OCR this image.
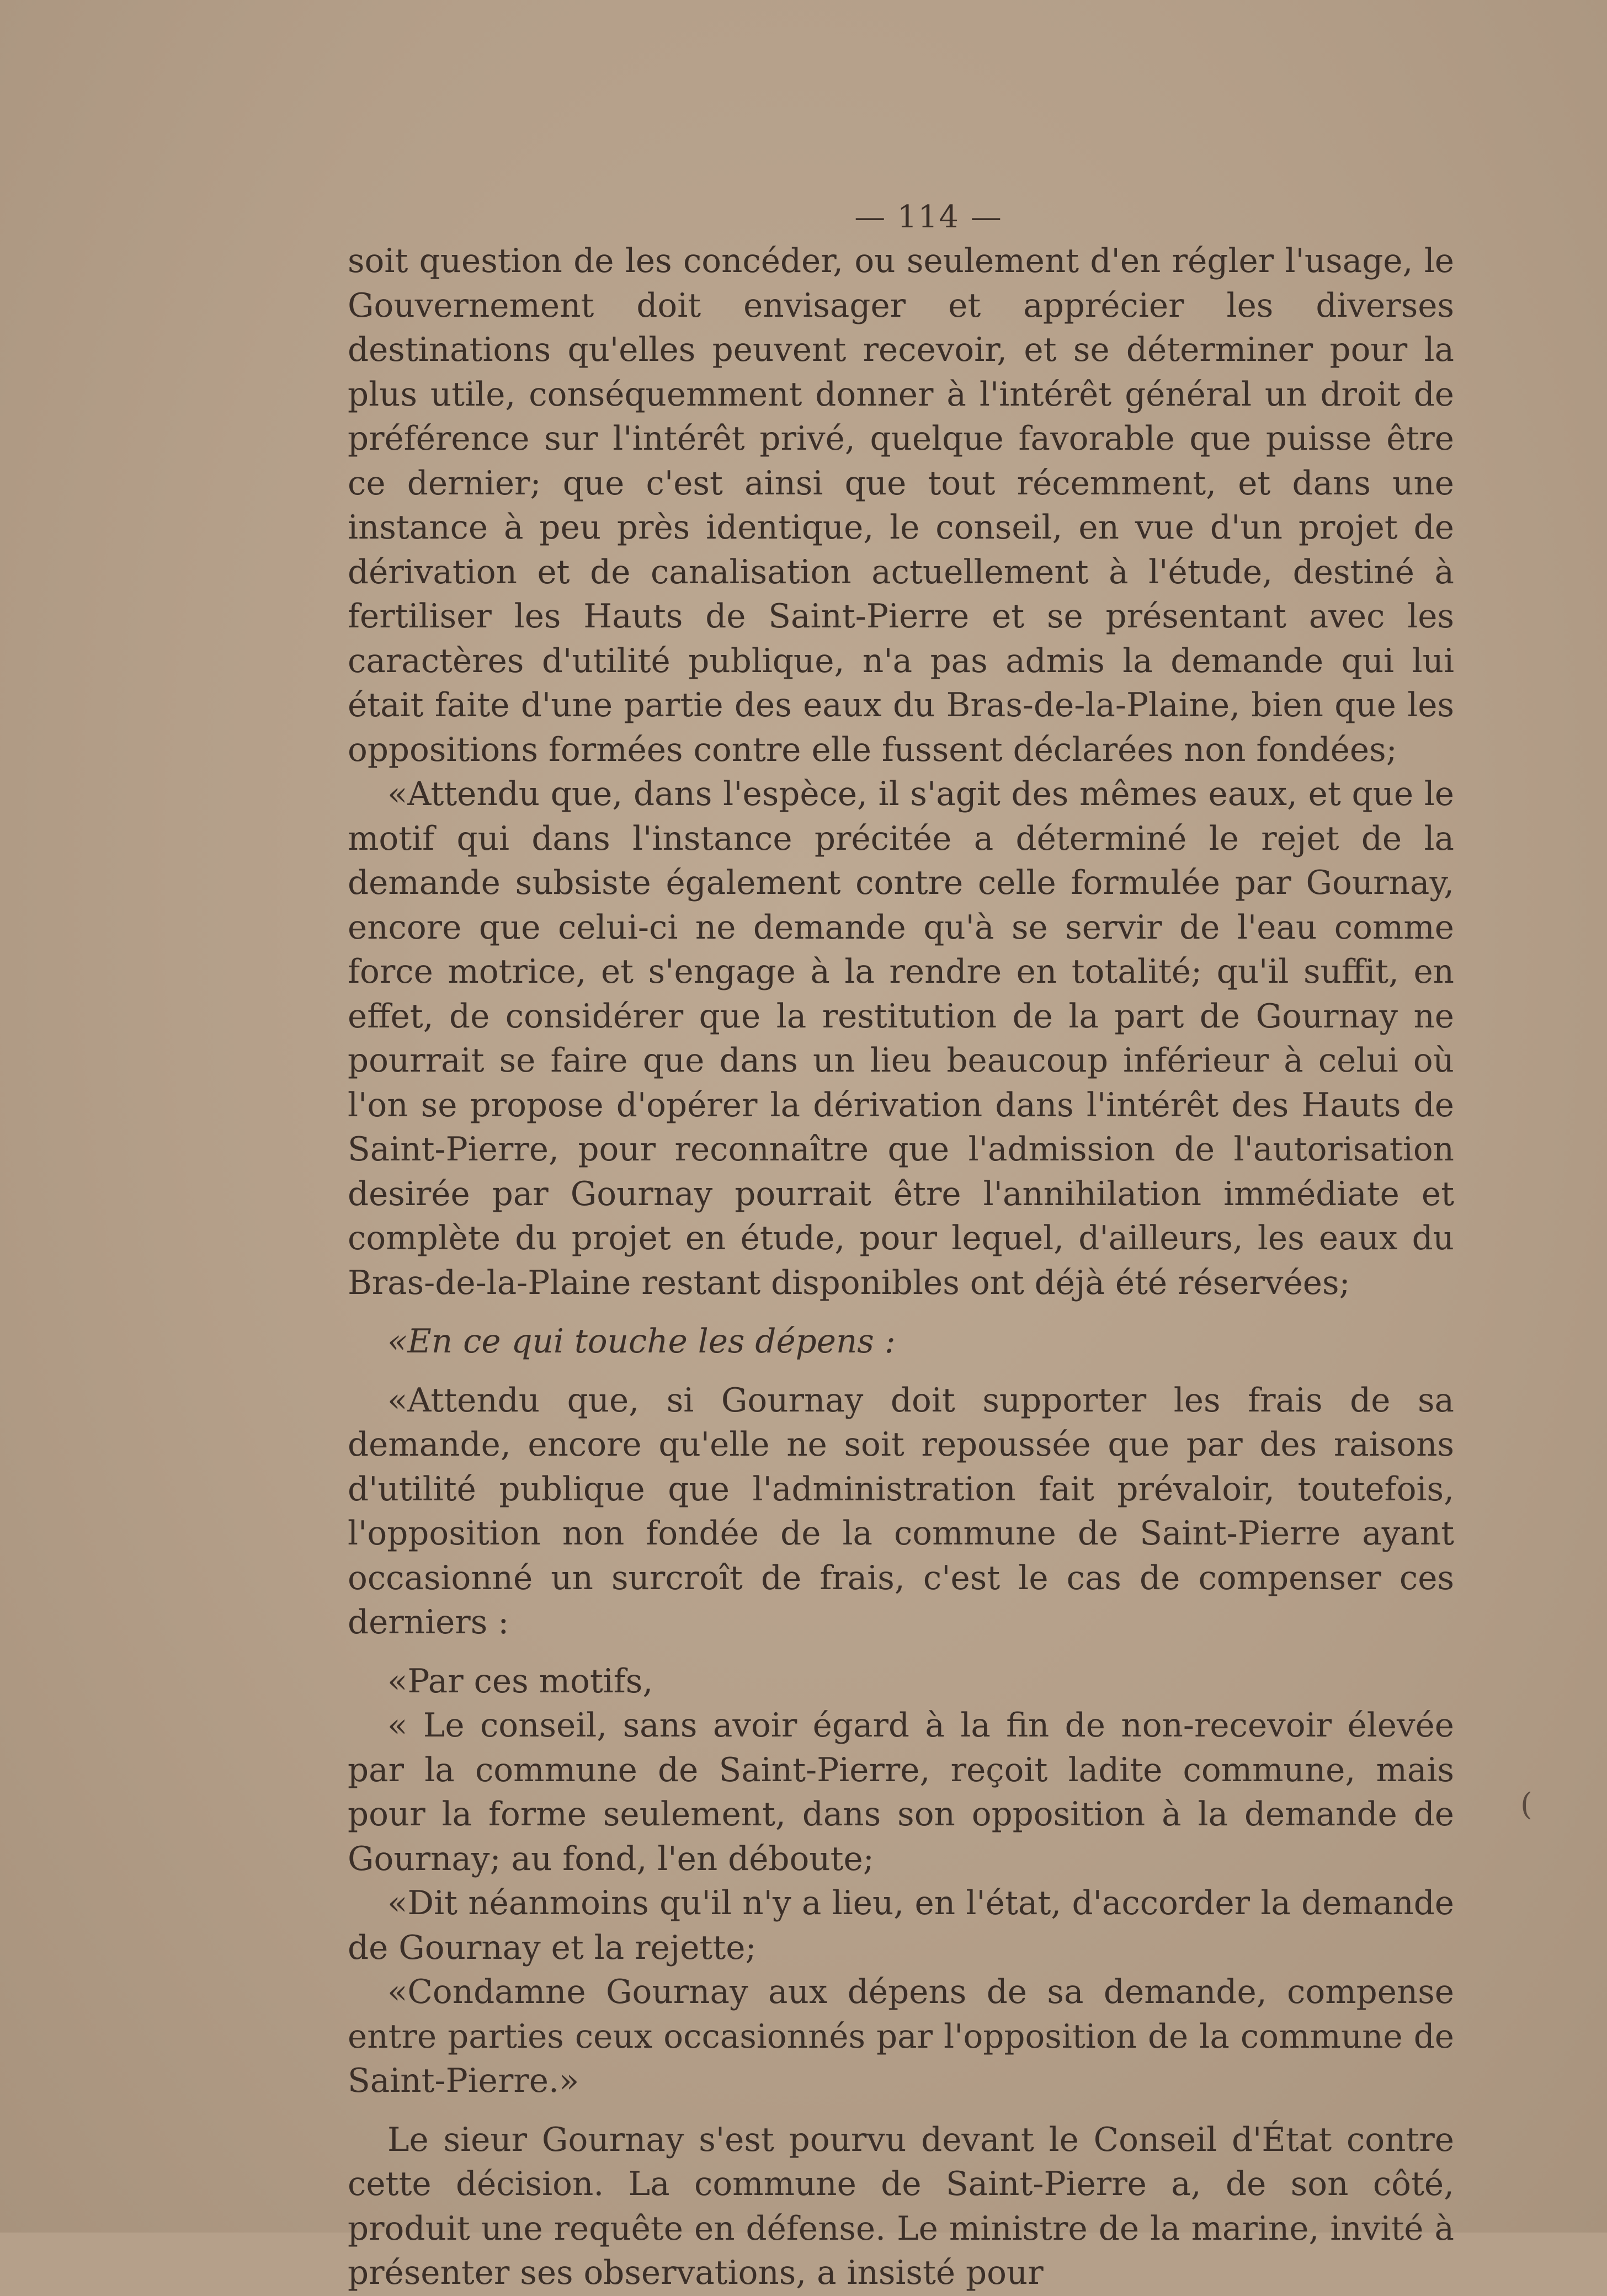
— 114 —

soit question de les concéder, ou seulement d'en régler l'usage, le Gouvernement doit envisager et apprécier les diverses destinations qu'elles peuvent recevoir, et se déterminer pour la plus utile, conséquemment donner à l'intérêt général un droit de préférence sur l'intérêt privé, quelque favorable que puisse être ce dernier; que c'est ainsi que tout récemment, et dans une instance à peu près identique, le conseil, en vue d'un projet de dérivation et de canalisation actuellement à l'étude, destiné à fertiliser les Hauts de Saint-Pierre et se présentant avec les caractères d'utilité publique, n'a pas admis la demande qui lui était faite d'une partie des eaux du Bras-de-la-Plaine, bien que les oppositions formées contre elle fussent déclarées non fondées;

«Attendu que, dans l'espèce, il s'agit des mêmes eaux, et que le motif qui dans l'instance précitée a déterminé le rejet de la demande subsiste également contre celle formulée par Gournay, encore que celui-ci ne demande qu'à se servir de l'eau comme force motrice, et s'engage à la rendre en totalité; qu'il suffit, en effet, de considérer que la restitution de la part de Gournay ne pourrait se faire que dans un lieu beaucoup inférieur à celui où l'on se propose d'opérer la dérivation dans l'intérêt des Hauts de Saint-Pierre, pour reconnaître que l'admission de l'autorisation desirée par Gournay pourrait être l'annihilation immédiate et complète du projet en étude, pour lequel, d'ailleurs, les eaux du Bras-de-la-Plaine restant disponibles ont déjà été réservées;

«En ce qui touche les dépens :

«Attendu que, si Gournay doit supporter les frais de sa demande, encore qu'elle ne soit repoussée que par des raisons d'utilité publique que l'administration fait prévaloir, toutefois, l'opposition non fondée de la commune de Saint-Pierre ayant occasionné un surcroît de frais, c'est le cas de compenser ces derniers :

«Par ces motifs,

« Le conseil, sans avoir égard à la fin de non-recevoir élevée par la commune de Saint-Pierre, reçoit ladite commune, mais pour la forme seulement, dans son opposition à la demande de Gournay; au fond, l'en déboute;

«Dit néanmoins qu'il n'y a lieu, en l'état, d'accorder la demande de Gournay et la rejette;

«Condamne Gournay aux dépens de sa demande, compense entre parties ceux occasionnés par l'opposition de la commune de Saint-Pierre.»

Le sieur Gournay s'est pourvu devant le Conseil d'État contre cette décision. La commune de Saint-Pierre a, de son côté, produit une requête en défense. Le ministre de la marine, invité à présenter ses observations, a insisté pour

(
